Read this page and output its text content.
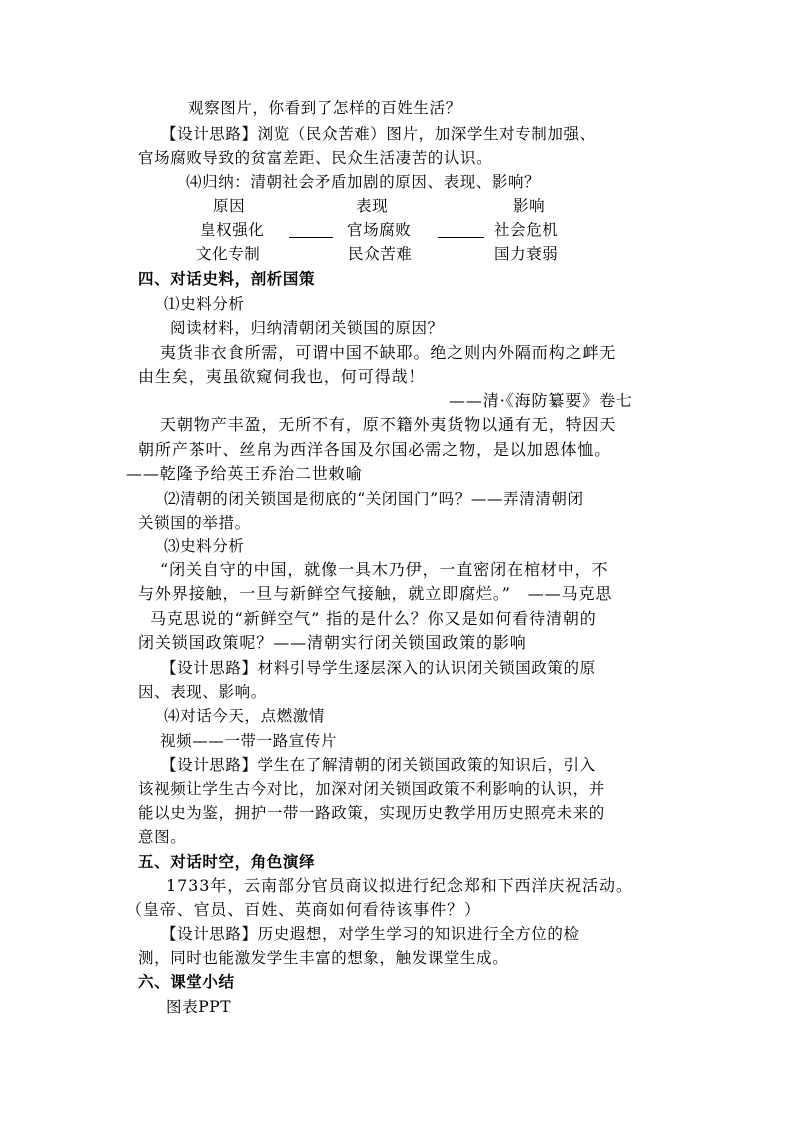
观察图片，你看到了怎样的百姓生活？
【设计思路】浏览（民众苦难）图片，加深学生对专制加强、
官场腐败导致的贫富差距、民众生活凄苦的认识。
⑷归纳：清朝社会矛盾加剧的原因、表现、影响？
原因	表现	影响
皇权强化	官场腐败	社会危机
文化专制	民众苦难	国力衰弱
四、对话史料，剖析国策
⑴史料分析
阅读材料，归纳清朝闭关锁国的原因？
夷货非衣食所需，可谓中国不缺耶。绝之则内外隔而构之衅无
由生矣，夷虽欲窥伺我也，何可得哉！
——清·《海防纂要》卷七
天朝物产丰盈，无所不有，原不籍外夷货物以通有无，特因天
朝所产茶叶、丝帛为西洋各国及尔国必需之物，是以加恩体恤。
——乾隆予给英王乔治二世敕喻
⑵清朝的闭关锁国是彻底的“关闭国门”吗？——弄清清朝闭
关锁国的举措。
⑶史料分析
“闭关自守的中国，就像一具木乃伊，一直密闭在棺材中，不
与外界接触，一旦与新鲜空气接触，就立即腐烂。”　——马克思
马克思说的“新鲜空气” 指的是什么？你又是如何看待清朝的
闭关锁国政策呢？——清朝实行闭关锁国政策的影响
【设计思路】材料引导学生逐层深入的认识闭关锁国政策的原
因、表现、影响。
⑷对话今天，点燃激情
视频——一带一路宣传片
【设计思路】学生在了解清朝的闭关锁国政策的知识后，引入
该视频让学生古今对比，加深对闭关锁国政策不利影响的认识，并
能以史为鉴，拥护一带一路政策，实现历史教学用历史照亮未来的
意图。
五、对话时空，角色演绎
1733年，云南部分官员商议拟进行纪念郑和下西洋庆祝活动。
（皇帝、官员、百姓、英商如何看待该事件？）
【设计思路】历史遐想，对学生学习的知识进行全方位的检
测，同时也能激发学生丰富的想象，触发课堂生成。
六、课堂小结
图表PPT
